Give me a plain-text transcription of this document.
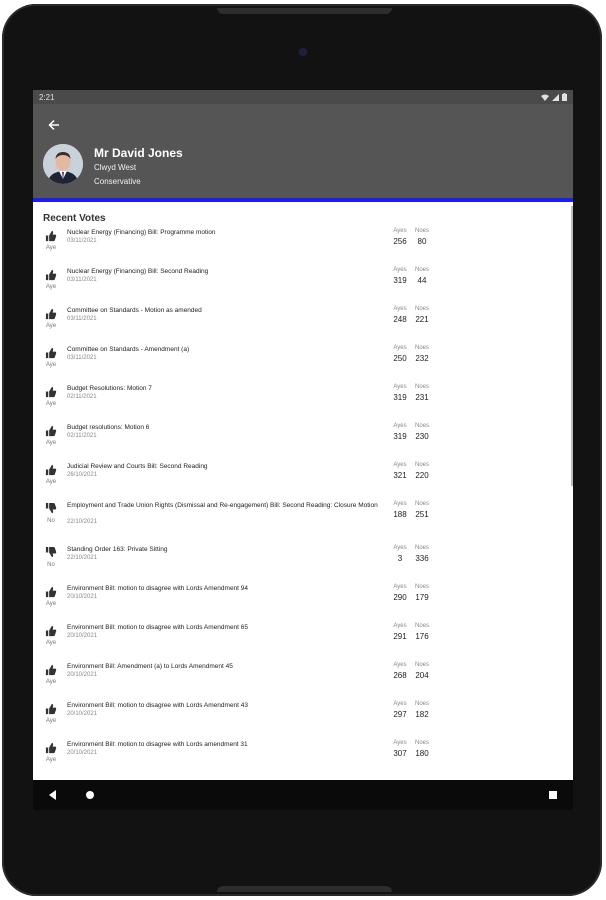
2:21
Mr David Jones
Clwyd West
Conservative
Recent Votes
Aye
Nuclear Energy (Financing) Bill: Programme motion
03/11/2021
Ayes	Noes
256	80
Aye
Nuclear Energy (Financing) Bill: Second Reading
03/11/2021
Ayes	Noes
319	44
Aye
Committee on Standards - Motion as amended
03/11/2021
Ayes	Noes
248	221
Aye
Committee on Standards - Amendment (a)
03/11/2021
Ayes	Noes
250	232
Aye
Budget Resolutions: Motion 7
02/11/2021
Ayes	Noes
319	231
Aye
Budget resolutions: Motion 6
02/11/2021
Ayes	Noes
319	230
Aye
Judicial Review and Courts Bill: Second Reading
26/10/2021
Ayes	Noes
321	220
No
Employment and Trade Union Rights (Dismissal and Re-engagement) Bill: Second Reading: Closure Motion
22/10/2021
Ayes	Noes
188	251
No
Standing Order 163: Private Sitting
22/10/2021
Ayes	Noes
3	336
Aye
Environment Bill: motion to disagree with Lords Amendment 94
20/10/2021
Ayes	Noes
290	179
Aye
Environment Bill: motion to disagree with Lords Amendment 65
20/10/2021
Ayes	Noes
291	176
Aye
Environment Bill: Amendment (a) to Lords Amendment 45
20/10/2021
Ayes	Noes
268	204
Aye
Environment Bill: motion to disagree with Lords Amendment 43
20/10/2021
Ayes	Noes
297	182
Aye
Environment Bill: motion to disagree with Lords amendment 31
20/10/2021
Ayes	Noes
307	180
